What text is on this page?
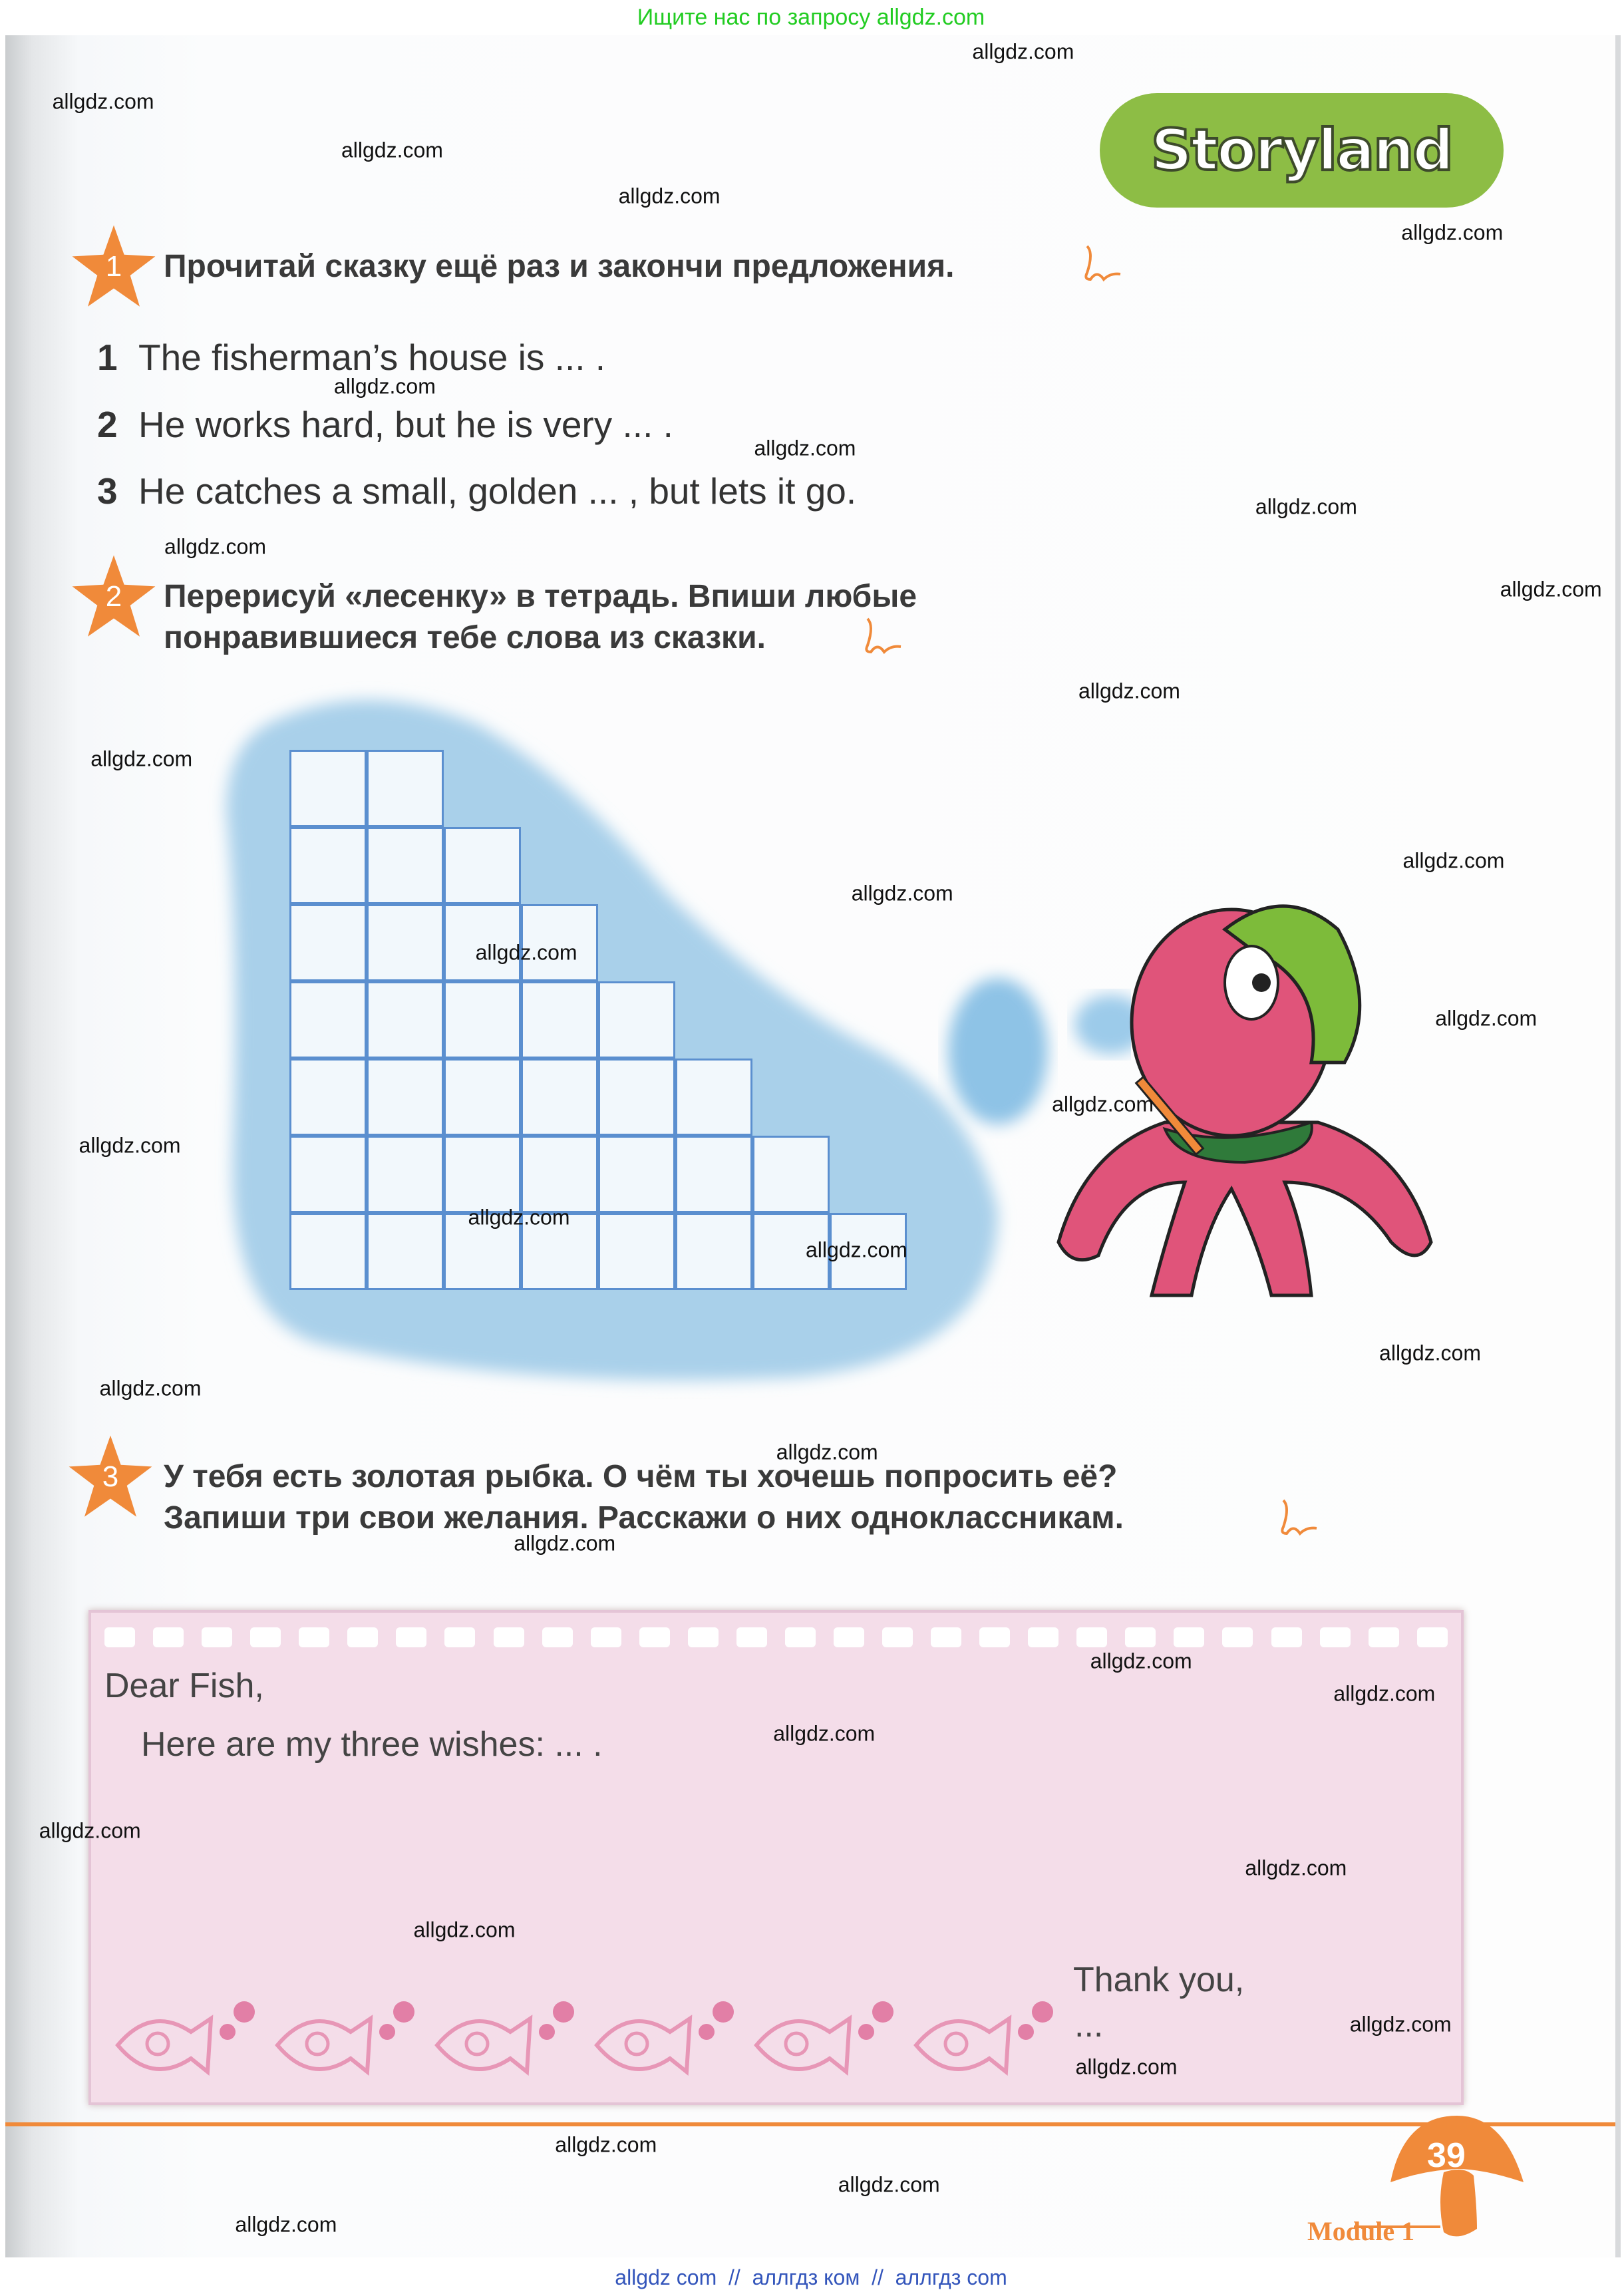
Ищите нас по запросу allgdz.com
Storyland
1	Прочитай сказку ещё раз и закончи предложения.
1 The fisherman’s house is ... .
2 He works hard, but he is very ... .
3 He catches a small, golden ... , but lets it go.
2	Перерисуй «лесенку» в тетрадь. Впиши любые
понравившиеся тебе слова из сказки.
3	У тебя есть золотая рыбка. О чём ты хочешь попросить её?
Запиши три свои желания. Расскажи о них одноклассникам.
Dear Fish,
Here are my three wishes: ... .
Thank you,
...
39
Module 1
allgdz com  //  аллгдз ком  //  аллгдз com
allgdz.com
allgdz.com
allgdz.com
allgdz.com
allgdz.com
allgdz.com
allgdz.com
allgdz.com
allgdz.com
allgdz.com
allgdz.com
allgdz.com
allgdz.com
allgdz.com
allgdz.com
allgdz.com
allgdz.com
allgdz.com
allgdz.com
allgdz.com
allgdz.com
allgdz.com
allgdz.com
allgdz.com
allgdz.com
allgdz.com
allgdz.com
allgdz.com
allgdz.com
allgdz.com
allgdz.com
allgdz.com
allgdz.com
allgdz.com
allgdz.com
